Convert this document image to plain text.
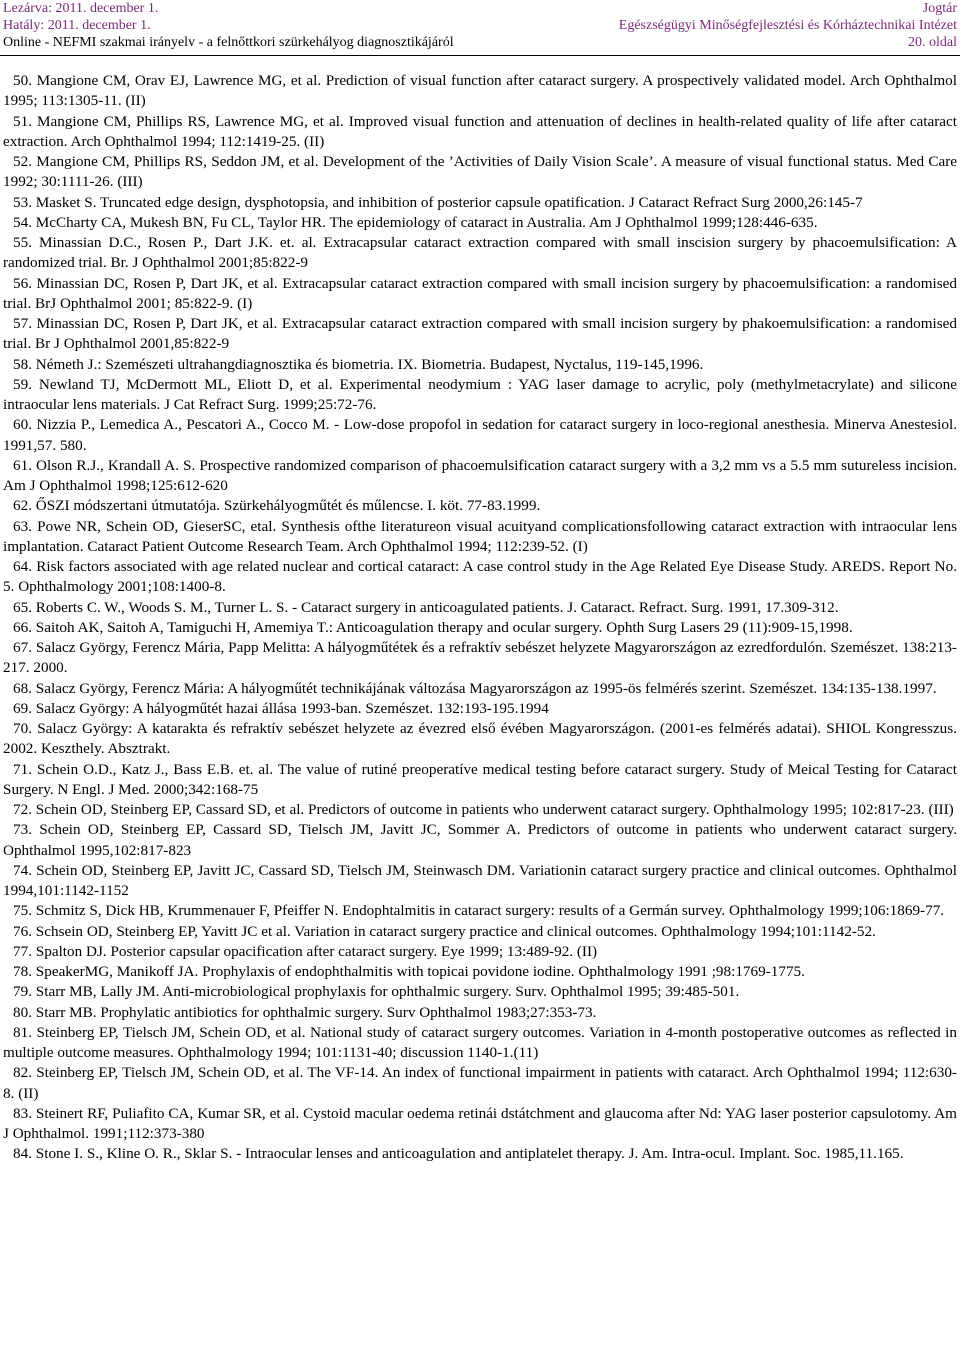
Lezárva: 2011. december 1.	Jogtár
Hatály: 2011. december 1.	Egészségügyi Minőségfejlesztési és Kórháztechnikai Intézet
Online - NEFMI szakmai irányelv - a felnőttkori szürkehályog diagnosztikájáról	20. oldal

50. Mangione CM, Orav EJ, Lawrence MG, et al. Prediction of visual function after cataract surgery. A prospectively validated model. Arch Ophthalmol 1995; 113:1305-11. (II)

51. Mangione CM, Phillips RS, Lawrence MG, et al. Improved visual function and attenuation of declines in health-related quality of life after cataract extraction. Arch Ophthalmol 1994; 112:1419-25. (II)

52. Mangione CM, Phillips RS, Seddon JM, et al. Development of the ’Activities of Daily Vision Scale’. A measure of visual functional status. Med Care 1992; 30:1111-26. (III)

53. Masket S. Truncated edge design, dysphotopsia, and inhibition of posterior capsule opatification. J Cataract Refract Surg 2000,26:145-7

54. McCharty CA, Mukesh BN, Fu CL, Taylor HR. The epidemiology of cataract in Australia. Am J Ophthalmol 1999;128:446-635.

55. Minassian D.C., Rosen P., Dart J.K. et. al. Extracapsular cataract extraction compared with small inscision surgery by phacoemulsification: A randomized trial. Br. J Ophthalmol 2001;85:822-9

56. Minassian DC, Rosen P, Dart JK, et al. Extracapsular cataract extraction compared with small incision surgery by phacoemulsification: a randomised trial. BrJ Ophthalmol 2001; 85:822-9. (I)

57. Minassian DC, Rosen P, Dart JK, et al. Extracapsular cataract extraction compared with small incision surgery by phakoemulsification: a randomised trial. Br J Ophthalmol 2001,85:822-9

58. Németh J.: Szemészeti ultrahangdiagnosztika és biometria. IX. Biometria. Budapest, Nyctalus, 119-145,1996.

59. Newland TJ, McDermott ML, Eliott D, et al. Experimental neodymium : YAG laser damage to acrylic, poly (methylmetacrylate) and silicone intraocular lens materials. J Cat Refract Surg. 1999;25:72-76.

60. Nizzia P., Lemedica A., Pescatori A., Cocco M. - Low-dose propofol in sedation for cataract surgery in loco-regional anesthesia. Minerva Anestesiol. 1991,57. 580.

61. Olson R.J., Krandall A. S. Prospective randomized comparison of phacoemulsification cataract surgery with a 3,2 mm vs a 5.5 mm sutureless incision. Am J Ophthalmol 1998;125:612-620

62. ŐSZI módszertani útmutatója. Szürkehályogműtét és műlencse. I. köt. 77-83.1999.

63. Powe NR, Schein OD, GieserSC, etal. Synthesis ofthe literatureon visual acuityand complicationsfollowing cataract extraction with intraocular lens implantation. Cataract Patient Outcome Research Team. Arch Ophthalmol 1994; 112:239-52. (I)

64. Risk factors associated with age related nuclear and cortical cataract: A case control study in the Age Related Eye Disease Study. AREDS. Report No. 5. Ophthalmology 2001;108:1400-8.

65. Roberts C. W., Woods S. M., Turner L. S. - Cataract surgery in anticoagulated patients. J. Cataract. Refract. Surg. 1991, 17.309-312.

66. Saitoh AK, Saitoh A, Tamiguchi H, Amemiya T.: Anticoagulation therapy and ocular surgery. Ophth Surg Lasers 29 (11):909-15,1998.

67. Salacz György, Ferencz Mária, Papp Melitta: A hályogműtétek és a refraktív sebészet helyzete Magyarországon az ezredfordulón. Szemészet. 138:213-217. 2000.

68. Salacz György, Ferencz Mária: A hályogműtét technikájának változása Magyarországon az 1995-ös felmérés szerint. Szemészet. 134:135-138.1997.

69. Salacz György: A hályogműtét hazai állása 1993-ban. Szemészet. 132:193-195.1994

70. Salacz György: A katarakta és refraktív sebészet helyzete az évezred első évében Magyarországon. (2001-es felmérés adatai). SHIOL Kongresszus. 2002. Keszthely. Absztrakt.

71. Schein O.D., Katz J., Bass E.B. et. al. The value of rutiné preoperatíve medical testing before cataract surgery. Study of Meical Testing for Cataract Surgery. N Engl. J Med. 2000;342:168-75

72. Schein OD, Steinberg EP, Cassard SD, et al. Predictors of outcome in patients who underwent cataract surgery. Ophthalmology 1995; 102:817-23. (III)

73. Schein OD, Steinberg EP, Cassard SD, Tielsch JM, Javitt JC, Sommer A. Predictors of outcome in patients who underwent cataract surgery. Ophthalmol 1995,102:817-823

74. Schein OD, Steinberg EP, Javitt JC, Cassard SD, Tielsch JM, Steinwasch DM. Variationin cataract surgery practice and clinical outcomes. Ophthalmol 1994,101:1142-1152

75. Schmitz S, Dick HB, Krummenauer F, Pfeiffer N. Endophtalmitis in cataract surgery: results of a Germán survey. Ophthalmology 1999;106:1869-77.

76. Schsein OD, Steinberg EP, Yavitt JC et al. Variation in cataract surgery practice and clinical outcomes. Ophthalmology 1994;101:1142-52.

77. Spalton DJ. Posterior capsular opacification after cataract surgery. Eye 1999; 13:489-92. (II)

78. SpeakerMG, Manikoff JA. Prophylaxis of endophthalmitis with topicai povidone iodine. Ophthalmology 1991 ;98:1769-1775.

79. Starr MB, Lally JM. Anti-microbiological prophylaxis for ophthalmic surgery. Surv. Ophthalmol 1995; 39:485-501.

80. Starr MB. Prophylatic antibiotics for ophthalmic surgery. Surv Ophthalmol 1983;27:353-73.

81. Steinberg EP, Tielsch JM, Schein OD, et al. National study of cataract surgery outcomes. Variation in 4-month postoperative outcomes as reflected in multiple outcome measures. Ophthalmology 1994; 101:1131-40; discussion 1140-1.(11)

82. Steinberg EP, Tielsch JM, Schein OD, et al. The VF-14. An index of functional impairment in patients with cataract. Arch Ophthalmol 1994; 112:630-8. (II)

83. Steinert RF, Puliafito CA, Kumar SR, et al. Cystoid macular oedema retinái dstátchment and glaucoma after Nd: YAG laser posterior capsulotomy. Am J Ophthalmol. 1991;112:373-380

84. Stone I. S., Kline O. R., Sklar S. - Intraocular lenses and anticoagulation and antiplatelet therapy. J. Am. Intra-ocul. Implant. Soc. 1985,11.165.
